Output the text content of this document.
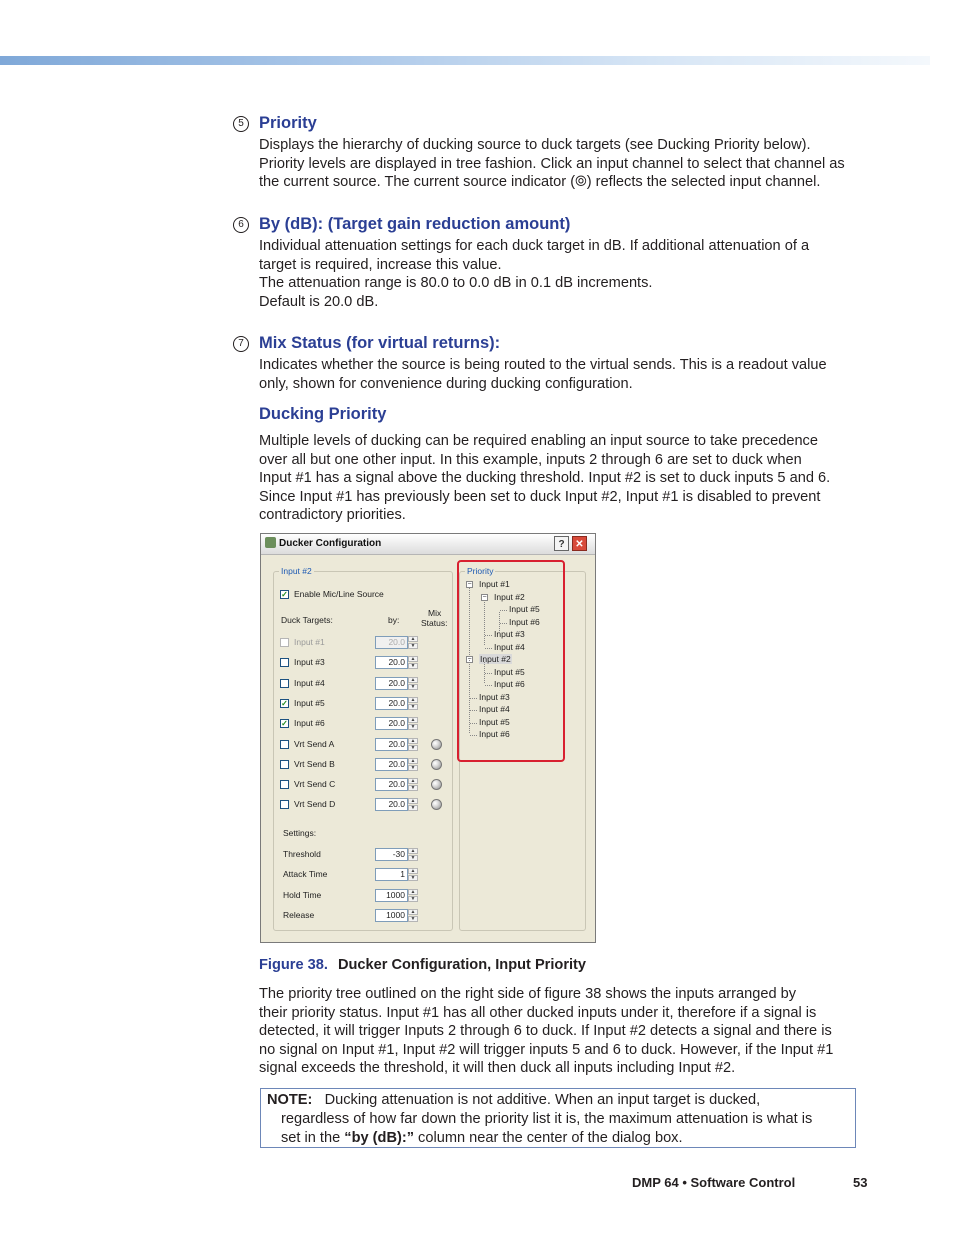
5 Priority

Displays the hierarchy of ducking source to duck targets (see Ducking Priority below).

Priority levels are displayed in tree fashion. Click an input channel to select that channel as

the current source. The current source indicator (⦾) reflects the selected input channel.

6 By (dB): (Target gain reduction amount)

Individual attenuation settings for each duck target in dB. If additional attenuation of a

target is required, increase this value.

The attenuation range is 80.0 to 0.0 dB in 0.1 dB increments.

Default is 20.0 dB.

7 Mix Status (for virtual returns):

Indicates whether the source is being routed to the virtual sends. This is a readout value

only, shown for convenience during ducking configuration.

Ducking Priority

Multiple levels of ducking can be required enabling an input source to take precedence

over all but one other input. In this example, inputs 2 through 6 are set to duck when

Input #1 has a signal above the ducking threshold. Input #2 is set to duck inputs 5 and 6.

Since Input #1 has previously been set to duck Input #2, Input #1 is disabled to prevent

contradictory priorities.

Ducker Configuration	?	✕
Input #2
✓ Enable Mic/Line Source
Duck Targets:	by:
Mix
Status:
Input #1	20.0	▲
▼
Input #3	20.0	▲
▼
Input #4	20.0	▲
▼
✓ Input #5	20.0	▲
▼
✓ Input #6	20.0	▲
▼
Vrt Send A	20.0	▲
▼
Vrt Send B	20.0	▲
▼
Vrt Send C	20.0	▲
▼
Vrt Send D	20.0	▲
▼
Settings:
Threshold	-30	▲
▼
Attack Time	1	▲
▼
Hold Time	1000	▲
▼
Release	1000	▲
▼
Priority
− Input #1
− Input #2
Input #5
Input #6
Input #3
Input #4
− Input #2
Input #5
Input #6
Input #3
Input #4
Input #5
Input #6
Figure 38. Ducker Configuration, Input Priority

The priority tree outlined on the right side of figure 38 shows the inputs arranged by

their priority status. Input #1 has all other ducked inputs under it, therefore if a signal is

detected, it will trigger Inputs 2 through 6 to duck. If Input #2 detects a signal and there is

no signal on Input #1, Input #2 will trigger inputs 5 and 6 to duck. However, if the Input #1

signal exceeds the threshold, it will then duck all inputs including Input #2.

NOTE: Ducking attenuation is not additive. When an input target is ducked,
regardless of how far down the priority list it is, the maximum attenuation is what is
set in the “by (dB):” column near the center of the dialog box.
DMP 64 • Software Control	53
